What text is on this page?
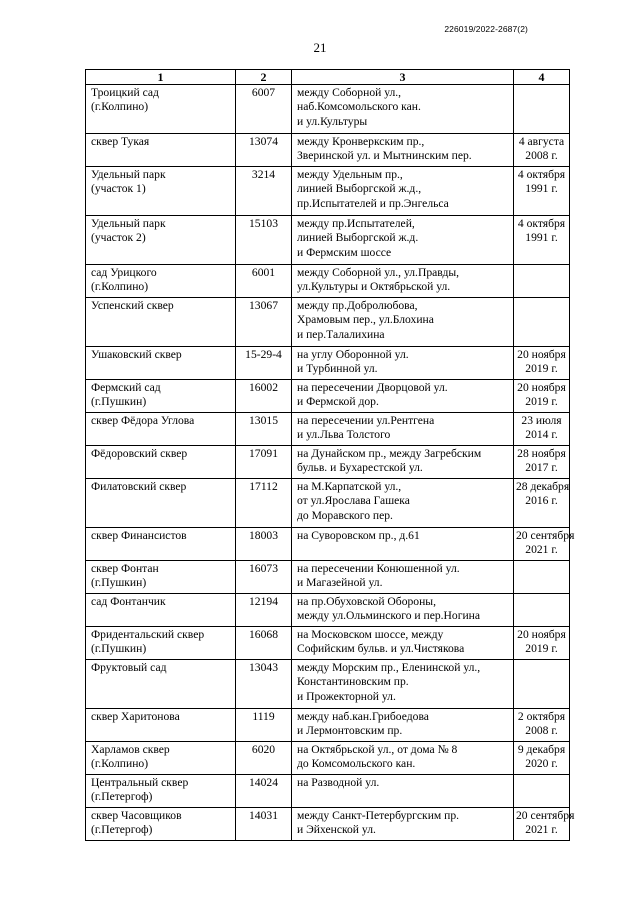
226019/2022-2687(2)
21
1	2	3	4

Троицкий сад
(г.Колпино)	6007	между Соборной ул.,
наб.Комсомольского кан.
и ул.Культуры	

сквер Тукая	13074	между Кронверкским пр.,
Зверинской ул. и Мытнинским пер.	4 августа
2008 г.

Удельный парк
(участок 1)	3214	между Удельным пр.,
линией Выборгской ж.д.,
пр.Испытателей и пр.Энгельса	4 октября
1991 г.

Удельный парк
(участок 2)	15103	между пр.Испытателей,
линией Выборгской ж.д.
и Фермским шоссе	4 октября
1991 г.

сад Урицкого
(г.Колпино)	6001	между Соборной ул., ул.Правды,
ул.Культуры и Октябрьской ул.	

Успенский сквер	13067	между пр.Добролюбова,
Храмовым пер., ул.Блохина
и пер.Талалихина	

Ушаковский сквер	15-29-4	на углу Оборонной ул.
и Турбинной ул.	20 ноября
2019 г.

Фермский сад
(г.Пушкин)	16002	на пересечении Дворцовой ул.
и Фермской дор.	20 ноября
2019 г.

сквер Фёдора Углова	13015	на пересечении ул.Рентгена
и ул.Льва Толстого	23 июля
2014 г.

Фёдоровский сквер	17091	на Дунайском пр., между Загребским
бульв. и Бухарестской ул.	28 ноября
2017 г.

Филатовский сквер	17112	на М.Карпатской ул.,
от ул.Ярослава Гашека
до Моравского пер.	28 декабря
2016 г.

сквер Финансистов	18003	на Суворовском пр., д.61	20 сентября
2021 г.

сквер Фонтан
(г.Пушкин)	16073	на пересечении Конюшенной ул.
и Магазейной ул.	

сад Фонтанчик	12194	на пр.Обуховской Обороны,
между ул.Ольминского и пер.Ногина	

Фридентальский сквер
(г.Пушкин)	16068	на Московском шоссе, между
Софийским бульв. и ул.Чистякова	20 ноября
2019 г.

Фруктовый сад	13043	между Морским пр., Еленинской ул.,
Константиновским пр.
и Прожекторной ул.	

сквер Харитонова	1119	между наб.кан.Грибоедова
и Лермонтовским пр.	2 октября
2008 г.

Харламов сквер
(г.Колпино)	6020	на Октябрьской ул., от дома № 8
до Комсомольского кан.	9 декабря
2020 г.

Центральный сквер
(г.Петергоф)	14024	на Разводной ул.	

сквер Часовщиков
(г.Петергоф)	14031	между Санкт-Петербургским пр.
и Эйхенской ул.	20 сентября
2021 г.
